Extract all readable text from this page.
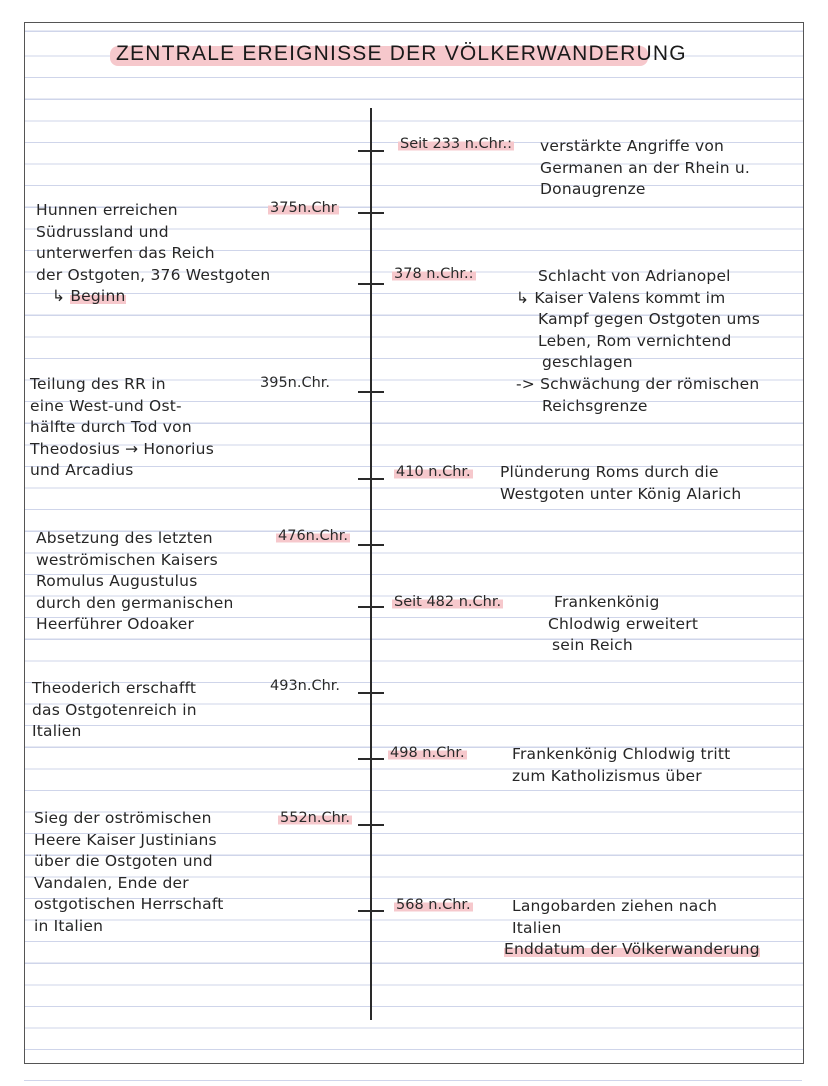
ZENTRALE EREIGNISSE DER VÖLKERWANDERUNG
375n.Chr
Hunnen erreichen
Südrussland und
unterwerfen das Reich
der Ostgoten, 376 Westgoten
↳ Beginn
395n.Chr.
Teilung des RR in
eine West-und Ost-
hälfte durch Tod von
Theodosius → Honorius
und Arcadius
476n.Chr.
Absetzung des letzten
weströmischen Kaisers
Romulus Augustulus
durch den germanischen
Heerführer Odoaker
493n.Chr.
Theoderich erschafft
das Ostgotenreich in
Italien
552n.Chr.
Sieg der oströmischen
Heere Kaiser Justinians
über die Ostgoten und
Vandalen, Ende der
ostgotischen Herrschaft
in Italien
Seit 233 n.Chr.: verstärkte Angriffe von
Germanen an der Rhein u.
Donaugrenze
378 n.Chr.:	Schlacht von Adrianopel
↳ Kaiser Valens kommt im
Kampf gegen Ostgoten ums
Leben, Rom vernichtend
geschlagen
-> Schwächung der römischen
Reichsgrenze
410 n.Chr. Plünderung Roms durch die
Westgoten unter König Alarich
Seit 482 n.Chr.	Frankenkönig
Chlodwig erweitert
sein Reich
498 n.Chr.	Frankenkönig Chlodwig tritt
zum Katholizismus über
568 n.Chr.	Langobarden ziehen nach
Italien
Enddatum der Völkerwanderung
